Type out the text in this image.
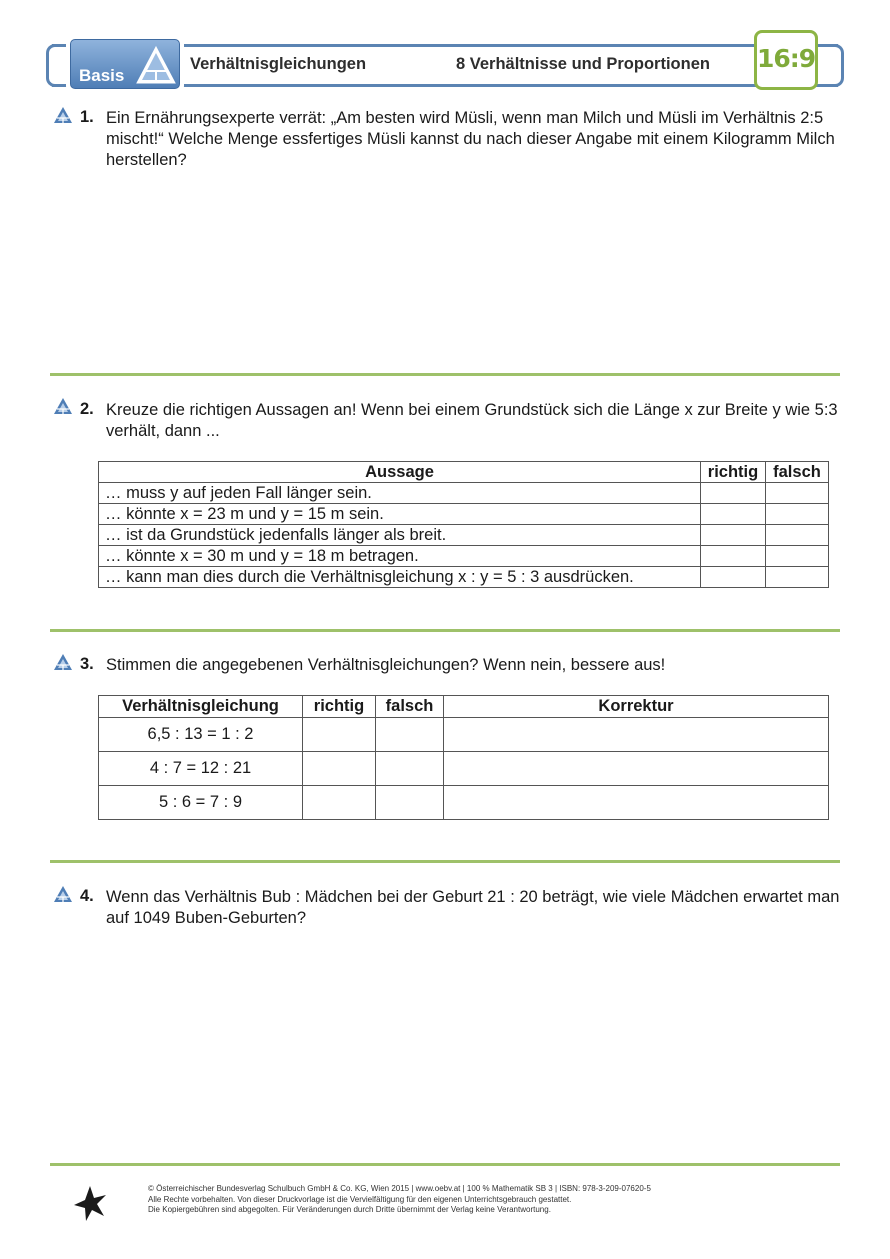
Basis
Verhältnisgleichungen	8 Verhältnisse und Proportionen 16:9
1. Ein Ernährungsexperte verrät: „Am besten wird Müsli, wenn man Milch und Müsli im Verhältnis 2:5 mischt!“ Welche Menge essfertiges Müsli kannst du nach dieser Angabe mit einem Kilogramm Milch herstellen?
2. Kreuze die richtigen Aussagen an! Wenn bei einem Grundstück sich die Länge x zur Breite y wie 5:3 verhält, dann ...
Aussage	richtig	falsch
… muss y auf jeden Fall länger sein.		
… könnte x = 23 m und y = 15 m sein.		
… ist da Grundstück jedenfalls länger als breit.		
… könnte x = 30 m und y = 18 m betragen.		
… kann man dies durch die Verhältnisgleichung x : y = 5 : 3 ausdrücken.		
3. Stimmen die angegebenen Verhältnisgleichungen? Wenn nein, bessere aus!
Verhältnisgleichung	richtig	falsch	Korrektur
6,5 : 13 = 1 : 2			
4 : 7 = 12 : 21			
5 : 6 = 7 : 9			
4. Wenn das Verhältnis Bub : Mädchen bei der Geburt 21 : 20 beträgt, wie viele Mädchen erwartet man auf 1049 Buben-Geburten?
© Österreichischer Bundesverlag Schulbuch GmbH & Co. KG, Wien 2015 | www.oebv.at | 100 % Mathematik SB 3 | ISBN: 978-3-209-07620-5
Alle Rechte vorbehalten. Von dieser Druckvorlage ist die Vervielfältigung für den eigenen Unterrichtsgebrauch gestattet.
Die Kopiergebühren sind abgegolten. Für Veränderungen durch Dritte übernimmt der Verlag keine Verantwortung.
